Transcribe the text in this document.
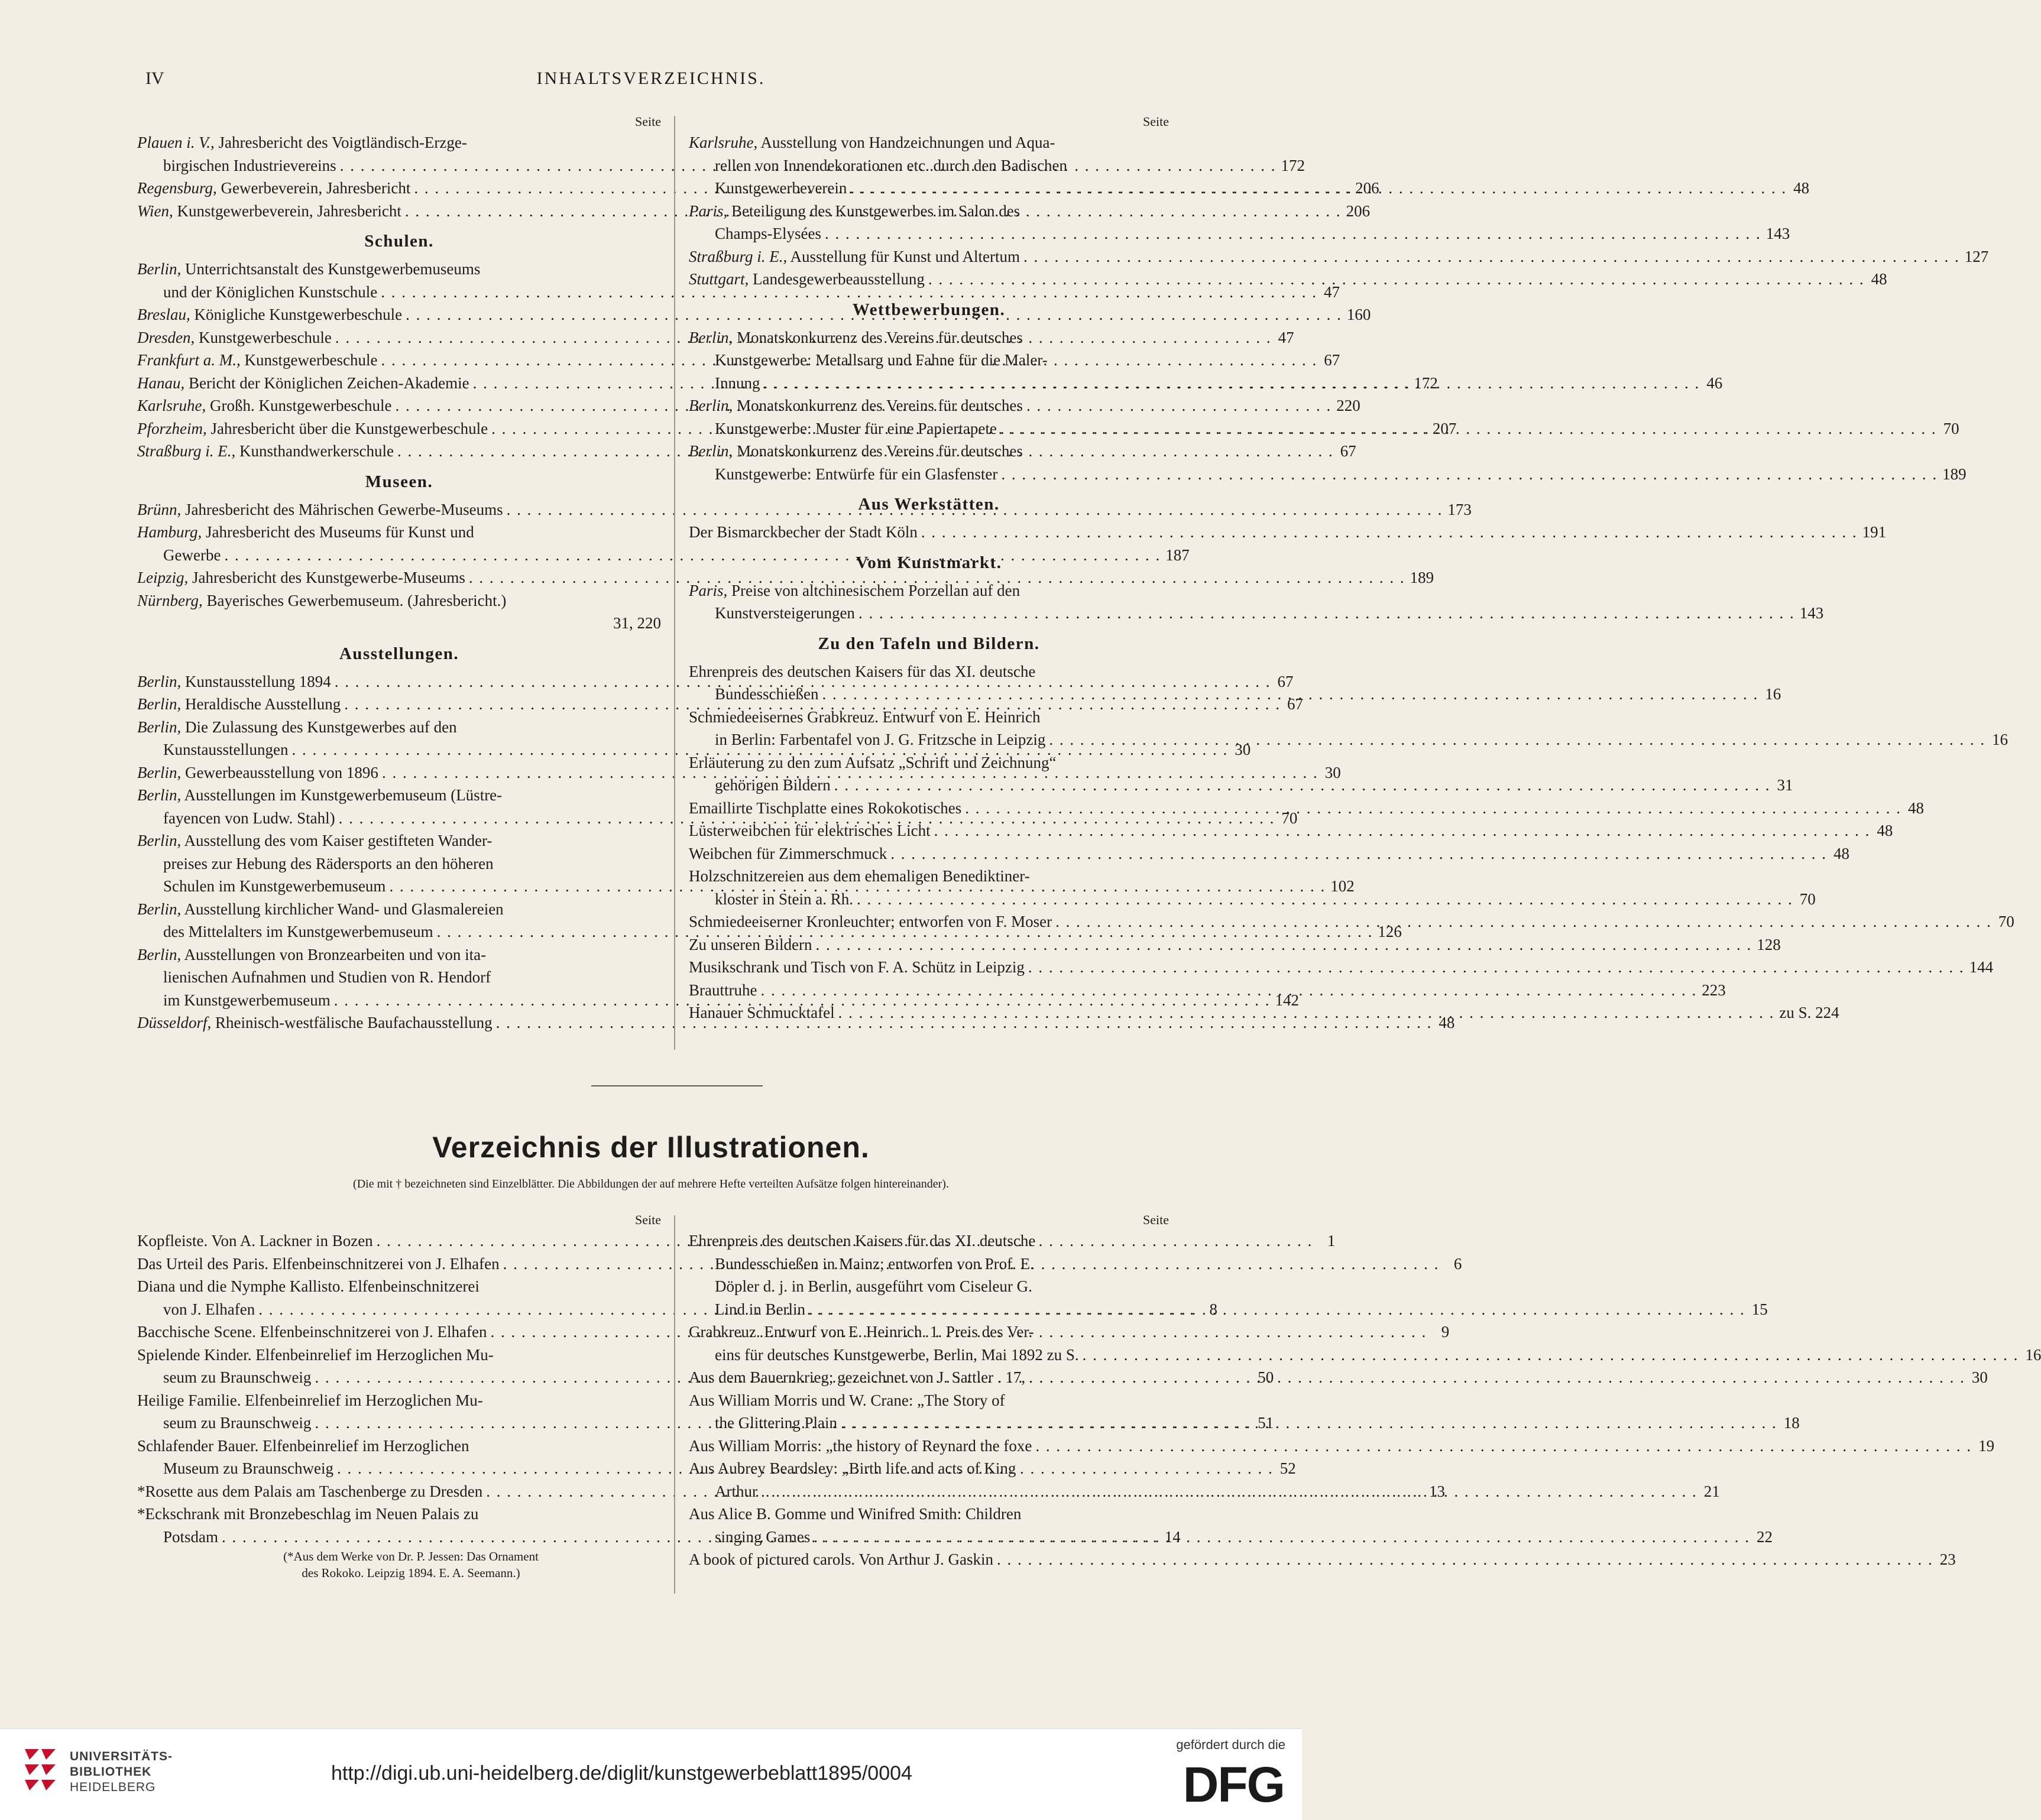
IV	INHALTSVERZEICHNIS.
Seite
Plauen i. V., Jahresbericht des Voigtländisch-Erzge-
birgischen Industrievereins . . .	172
Regensburg, Gewerbeverein, Jahresbericht . . .	206
Wien, Kunstgewerbeverein, Jahresbericht . . .	206
Schulen.
Berlin, Unterrichtsanstalt des Kunstgewerbemuseums
und der Königlichen Kunstschule . . .	47
Breslau, Königliche Kunstgewerbeschule . . .	160
Dresden, Kunstgewerbeschule . . .	47
Frankfurt a. M., Kunstgewerbeschule . . .	67
Hanau, Bericht der Königlichen Zeichen-Akademie . . .	172
Karlsruhe, Großh. Kunstgewerbeschule . . .	220
Pforzheim, Jahresbericht über die Kunstgewerbeschule . . .	207
Straßburg i. E., Kunsthandwerkerschule . . .	67
Museen.
Brünn, Jahresbericht des Mährischen Gewerbe-Museums . . .	173
Hamburg, Jahresbericht des Museums für Kunst und
Gewerbe . . .	187
Leipzig, Jahresbericht des Kunstgewerbe-Museums . . .	189
Nürnberg, Bayerisches Gewerbemuseum. (Jahresbericht.)
31, 220
Ausstellungen.
Berlin, Kunstausstellung 1894 . . .	67
Berlin, Heraldische Ausstellung . . .	67
Berlin, Die Zulassung des Kunstgewerbes auf den
Kunstausstellungen . . .	30
Berlin, Gewerbeausstellung von 1896 . . .	30
Berlin, Ausstellungen im Kunstgewerbemuseum (Lüstre-
fayencen von Ludw. Stahl) . . .	70
Berlin, Ausstellung des vom Kaiser gestifteten Wander-
preises zur Hebung des Rädersports an den höheren
Schulen im Kunstgewerbemuseum . . .	102
Berlin, Ausstellung kirchlicher Wand- und Glasmalereien
des Mittelalters im Kunstgewerbemuseum . . .	126
Berlin, Ausstellungen von Bronzearbeiten und von ita-
lienischen Aufnahmen und Studien von R. Hendorf
im Kunstgewerbemuseum . . .	142
Düsseldorf, Rheinisch-westfälische Baufachausstellung . . .	48
Seite
Karlsruhe, Ausstellung von Handzeichnungen und Aqua-
rellen von Innendekorationen etc. durch den Badischen
Kunstgewerbeverein . . .	48
Paris, Beteiligung des Kunstgewerbes im Salon des
Champs-Elysées . . .	143
Straßburg i. E., Ausstellung für Kunst und Altertum . . .	127
Stuttgart, Landesgewerbeausstellung . . .	48
Wettbewerbungen.
Berlin, Monatskonkurrenz des Vereins für deutsches
Kunstgewerbe: Metallsarg und Fahne für die Maler-
Innung . . .	46
Berlin, Monatskonkurrenz des Vereins für deutsches
Kunstgewerbe: Muster für eine Papiertapete . . .	70
Berlin, Monatskonkurrenz des Vereins für deutsches
Kunstgewerbe: Entwürfe für ein Glasfenster . . .	189
Aus Werkstätten.
Der Bismarckbecher der Stadt Köln . . .	191
Vom Kunstmarkt.
Paris, Preise von altchinesischem Porzellan auf den
Kunstversteigerungen . . .	143
Zu den Tafeln und Bildern.
Ehrenpreis des deutschen Kaisers für das XI. deutsche
Bundesschießen . . .	16
Schmiedeeisernes Grabkreuz. Entwurf von E. Heinrich
in Berlin: Farbentafel von J. G. Fritzsche in Leipzig . . .	16
Erläuterung zu den zum Aufsatz „Schrift und Zeichnung“
gehörigen Bildern . . .	31
Emaillirte Tischplatte eines Rokokotisches . . .	48
Lüsterweibchen für elektrisches Licht . . .	48
Weibchen für Zimmerschmuck . . .	48
Holzschnitzereien aus dem ehemaligen Benediktiner-
kloster in Stein a. Rh. . . .	70
Schmiedeeiserner Kronleuchter; entworfen von F. Moser . . .	70
Zu unseren Bildern . . .	128
Musikschrank und Tisch von F. A. Schütz in Leipzig . . .	144
Brauttruhe . . .	223
Hanauer Schmucktafel . . .	zu S. 224
Verzeichnis der Illustrationen.
(Die mit † bezeichneten sind Einzelblätter. Die Abbildungen der auf mehrere Hefte verteilten Aufsätze folgen hintereinander).
Seite
Kopfleiste. Von A. Lackner in Bozen . . .	1
Das Urteil des Paris. Elfenbeinschnitzerei von J. Elhafen . . .	6
Diana und die Nymphe Kallisto. Elfenbeinschnitzerei
von J. Elhafen . . .	8
Bacchische Scene. Elfenbeinschnitzerei von J. Elhafen . . .	9
Spielende Kinder. Elfenbeinrelief im Herzoglichen Mu-
seum zu Braunschweig . . .	50
Heilige Familie. Elfenbeinrelief im Herzoglichen Mu-
seum zu Braunschweig . . .	51
Schlafender Bauer. Elfenbeinrelief im Herzoglichen
Museum zu Braunschweig . . .	52
*Rosette aus dem Palais am Taschenberge zu Dresden . . .	13
*Eckschrank mit Bronzebeschlag im Neuen Palais zu
Potsdam . . .	14
(*Aus dem Werke von Dr. P. Jessen: Das Ornament
des Rokoko. Leipzig 1894. E. A. Seemann.)
Seite
Ehrenpreis des deutschen Kaisers für das XI. deutsche
Bundesschießen in Mainz; entworfen von Prof. E.
Döpler d. j. in Berlin, ausgeführt vom Ciseleur G.
Lind in Berlin . . .	15
Grabkreuz. Entwurf von E. Heinrich. 1. Preis des Ver-
eins für deutsches Kunstgewerbe, Berlin, Mai 1892 zu S. . . .	16
Aus dem Bauernkrieg; gezeichnet von J. Sattler . 17, . . .	30
Aus William Morris und W. Crane: „The Story of
the Glittering Plain . . .	18
Aus William Morris: „the history of Reynard the foxe . . .	19
Aus Aubrey Beardsley: „Birth life and acts of King
Arthur . . .	21
Aus Alice B. Gomme und Winifred Smith: Children
singing Games . . .	22
A book of pictured carols. Von Arthur J. Gaskin . . .	23
UNIVERSITÄTS-
BIBLIOTHEK
HEIDELBERG
http://digi.ub.uni-heidelberg.de/diglit/kunstgewerbeblatt1895/0004
gefördert durch die
DFG
